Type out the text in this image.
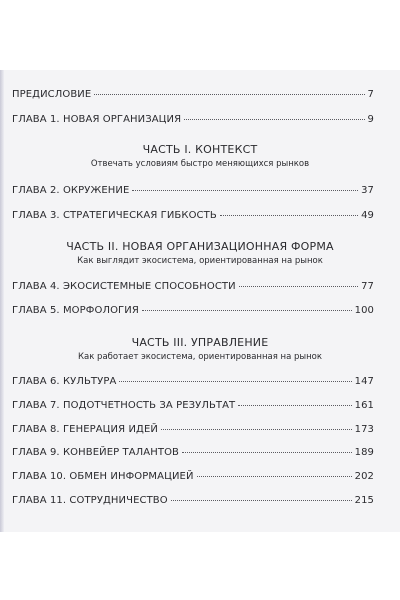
ПРЕДИСЛОВИЕ	7
ГЛАВА 1. НОВАЯ ОРГАНИЗАЦИЯ	9
ЧАСТЬ I. КОНТЕКСТ
Отвечать условиям быстро меняющихся рынков
ГЛАВА 2. ОКРУЖЕНИЕ	37
ГЛАВА 3. СТРАТЕГИЧЕСКАЯ ГИБКОСТЬ	49
ЧАСТЬ II. НОВАЯ ОРГАНИЗАЦИОННАЯ ФОРМА
Как выглядит экосистема, ориентированная на рынок
ГЛАВА 4. ЭКОСИСТЕМНЫЕ СПОСОБНОСТИ	77
ГЛАВА 5. МОРФОЛОГИЯ	100
ЧАСТЬ III. УПРАВЛЕНИЕ
Как работает экосистема, ориентированная на рынок
ГЛАВА 6. КУЛЬТУРА	147
ГЛАВА 7. ПОДОТЧЕТНОСТЬ ЗА РЕЗУЛЬТАТ	161
ГЛАВА 8. ГЕНЕРАЦИЯ ИДЕЙ	173
ГЛАВА 9. КОНВЕЙЕР ТАЛАНТОВ	189
ГЛАВА 10. ОБМЕН ИНФОРМАЦИЕЙ	202
ГЛАВА 11. СОТРУДНИЧЕСТВО	215
